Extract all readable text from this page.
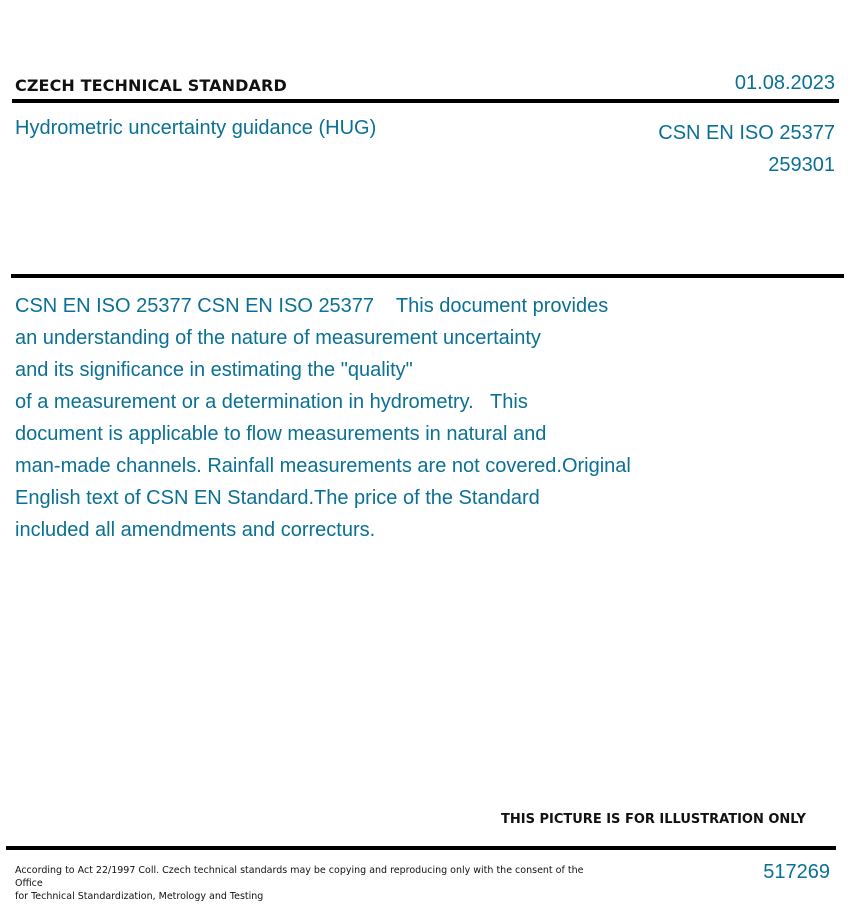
CZECH TECHNICAL STANDARD	01.08.2023
Hydrometric uncertainty guidance (HUG)	CSN EN ISO 25377
259301
CSN EN ISO 25377 CSN EN ISO 25377    This document provides
an understanding of the nature of measurement uncertainty
and its significance in estimating the "quality"
of a measurement or a determination in hydrometry.   This
document is applicable to flow measurements in natural and
man-made channels. Rainfall measurements are not covered.Original
English text of CSN EN Standard.The price of the Standard
included all amendments and correcturs.
THIS PICTURE IS FOR ILLUSTRATION ONLY
According to Act 22/1997 Coll. Czech technical standards may be copying and reproducing only with the consent of the Office
for Technical Standardization, Metrology and Testing
517269
